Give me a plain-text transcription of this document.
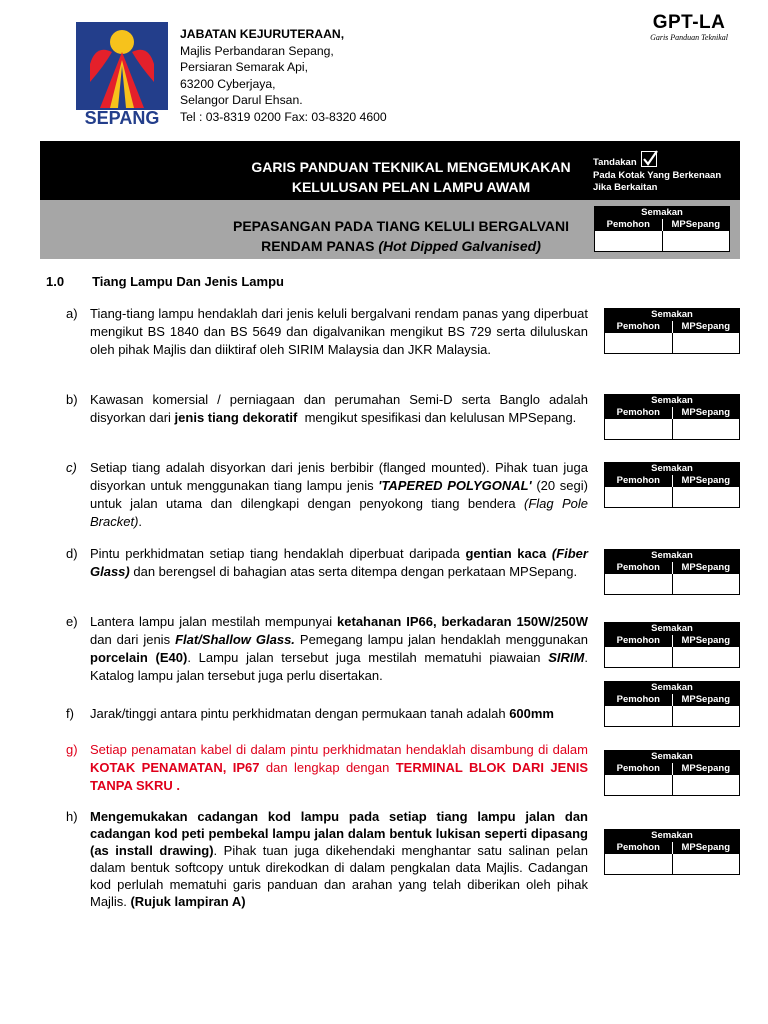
SEPANG
JABATAN KEJURUTERAAN,
Majlis Perbandaran Sepang,
Persiaran Semarak Api,
63200 Cyberjaya,
Selangor Darul Ehsan.
Tel : 03-8319 0200 Fax: 03-8320 4600
GPT-LA
Garis Panduan Teknikal
GARIS PANDUAN TEKNIKAL MENGEMUKAKAN
KELULUSAN PELAN LAMPU AWAM
Tandakan
Pada Kotak Yang Berkenaan
Jika Berkaitan
PEPASANGAN PADA TIANG KELULI BERGALVANI
RENDAM PANAS (Hot Dipped Galvanised)
Semakan
Pemohon	MPSepang
Semakan
Pemohon	MPSepang
Semakan
Pemohon	MPSepang
Semakan
Pemohon	MPSepang
Semakan
Pemohon	MPSepang
Semakan
Pemohon	MPSepang
Semakan
Pemohon	MPSepang
Semakan
Pemohon	MPSepang
Semakan
Pemohon	MPSepang
1.0 Tiang Lampu Dan Jenis Lampu
a) Tiang-tiang lampu hendaklah dari jenis keluli bergalvani rendam panas yang diperbuat mengikut BS 1840 dan BS 5649 dan digalvanikan mengikut BS 729 serta diluluskan oleh pihak Majlis dan diiktiraf oleh SIRIM Malaysia dan JKR Malaysia.
b) Kawasan komersial / perniagaan dan perumahan Semi-D serta Banglo adalah disyorkan dari jenis tiang dekoratif  mengikut spesifikasi dan kelulusan MPSepang.
c) Setiap tiang adalah disyorkan dari jenis berbibir (flanged mounted). Pihak tuan juga disyorkan untuk menggunakan tiang lampu jenis 'TAPERED POLYGONAL' (20 segi) untuk jalan utama dan dilengkapi dengan penyokong tiang bendera (Flag Pole Bracket).
d) Pintu perkhidmatan setiap tiang hendaklah diperbuat daripada gentian kaca (Fiber Glass) dan berengsel di bahagian atas serta ditempa dengan perkataan MPSepang.
e) Lantera lampu jalan mestilah mempunyai ketahanan IP66, berkadaran 150W/250W dan dari jenis Flat/Shallow Glass. Pemegang lampu jalan hendaklah menggunakan porcelain (E40). Lampu jalan tersebut juga mestilah mematuhi piawaian SIRIM. Katalog lampu jalan tersebut juga perlu disertakan.
f) Jarak/tinggi antara pintu perkhidmatan dengan permukaan tanah adalah 600mm
g) Setiap penamatan kabel di dalam pintu perkhidmatan hendaklah disambung di dalam KOTAK PENAMATAN, IP67 dan lengkap dengan TERMINAL BLOK DARI JENIS TANPA SKRU .
h) Mengemukakan cadangan kod lampu pada setiap tiang lampu jalan dan cadangan kod peti pembekal lampu jalan dalam bentuk lukisan seperti dipasang (as install drawing). Pihak tuan juga dikehendaki menghantar satu salinan pelan dalam bentuk softcopy untuk direkodkan di dalam pengkalan data Majlis. Cadangan kod perlulah mematuhi garis panduan dan arahan yang telah diberikan oleh pihak Majlis. (Rujuk lampiran A)
